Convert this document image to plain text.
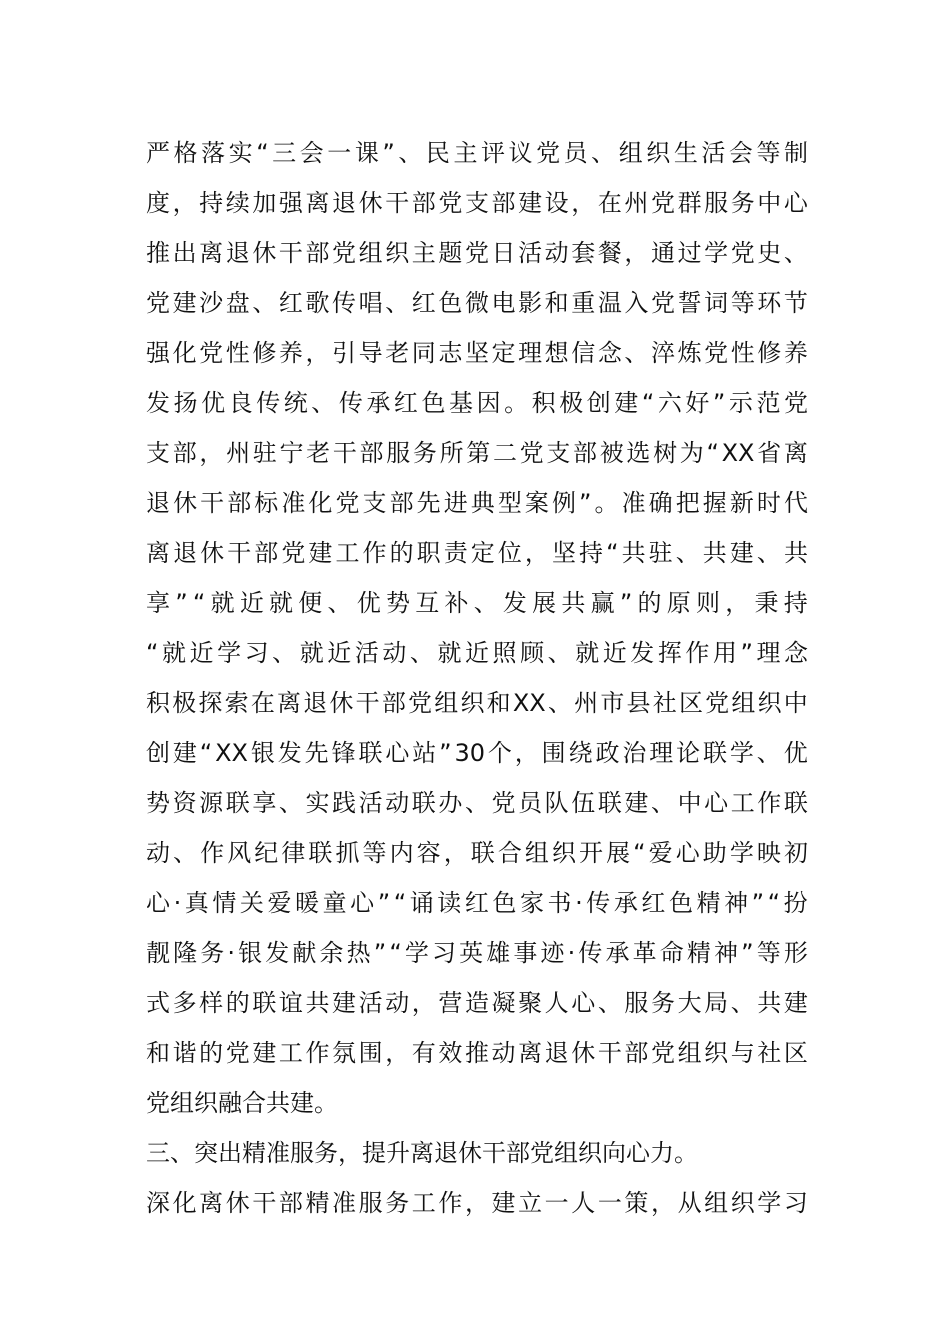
严 格 落 实 “ 三 会 一 课 ” 、 民 主 评 议 党 员 、 组 织 生 活 会 等 制
度 ， 持 续 加 强 离 退 休 干 部 党 支 部 建 设 ， 在 州 党 群 服 务 中 心
推 出 离 退 休 干 部 党 组 织 主 题 党 日 活 动 套 餐 ， 通 过 学 党 史 、
党 建 沙 盘 、 红 歌 传 唱 、 红 色 微 电 影 和 重 温 入 党 誓 词 等 环 节
强 化 党 性 修 养 ， 引 导 老 同 志 坚 定 理 想 信 念 、 淬 炼 党 性 修 养
发 扬 优 良 传 统 、 传 承 红 色 基 因 。 积 极 创 建 “ 六 好 ” 示 范 党
支 部 ， 州 驻 宁 老 干 部 服 务 所 第 二 党 支 部 被 选 树 为 “ XX 省 离
退 休 干 部 标 准 化 党 支 部 先 进 典 型 案 例 ” 。 准 确 把 握 新 时 代
离 退 休 干 部 党 建 工 作 的 职 责 定 位 ， 坚 持 “ 共 驻 、 共 建 、 共
享 ” “ 就 近 就 便 、 优 势 互 补 、 发 展 共 赢 ” 的 原 则 ， 秉 持
“ 就 近 学 习 、 就 近 活 动 、 就 近 照 顾 、 就 近 发 挥 作 用 ” 理 念
积 极 探 索 在 离 退 休 干 部 党 组 织 和 XX 、 州 市 县 社 区 党 组 织 中
创 建 “ XX 银 发 先 锋 联 心 站 ” 30 个 ， 围 绕 政 治 理 论 联 学 、 优
势 资 源 联 享 、 实 践 活 动 联 办 、 党 员 队 伍 联 建 、 中 心 工 作 联
动 、 作 风 纪 律 联 抓 等 内 容 ， 联 合 组 织 开 展 “ 爱 心 助 学 映 初
心 · 真 情 关 爱 暖 童 心 ” “ 诵 读 红 色 家 书 · 传 承 红 色 精 神 ” “ 扮
靓 隆 务 · 银 发 献 余 热 ” “ 学 习 英 雄 事 迹 · 传 承 革 命 精 神 ” 等 形
式 多 样 的 联 谊 共 建 活 动 ， 营 造 凝 聚 人 心 、 服 务 大 局 、 共 建
和 谐 的 党 建 工 作 氛 围 ， 有 效 推 动 离 退 休 干 部 党 组 织 与 社 区
党组织融合共建。
三、突出精准服务，提升离退休干部党组织向心力。
深 化 离 休 干 部 精 准 服 务 工 作 ， 建 立 一 人 一 策 ， 从 组 织 学 习
